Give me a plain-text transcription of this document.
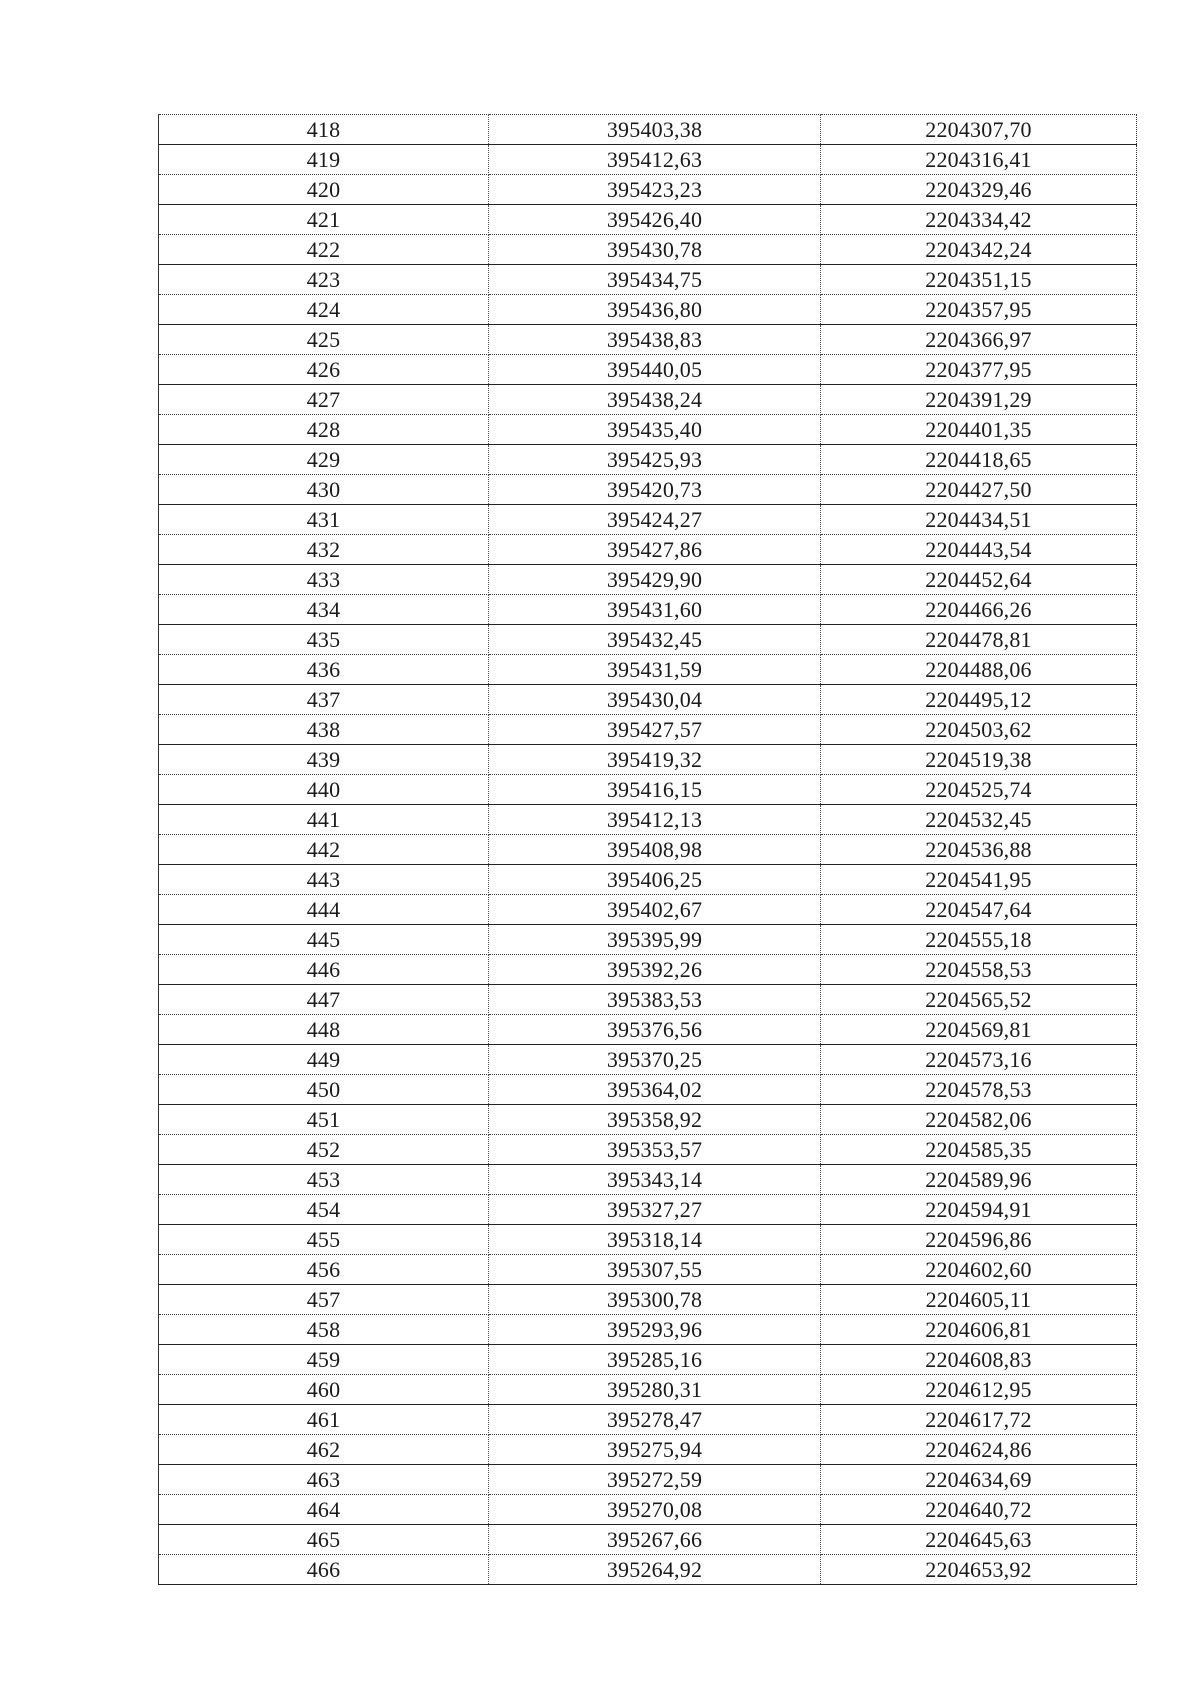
418	395403,38	2204307,70
419	395412,63	2204316,41
420	395423,23	2204329,46
421	395426,40	2204334,42
422	395430,78	2204342,24
423	395434,75	2204351,15
424	395436,80	2204357,95
425	395438,83	2204366,97
426	395440,05	2204377,95
427	395438,24	2204391,29
428	395435,40	2204401,35
429	395425,93	2204418,65
430	395420,73	2204427,50
431	395424,27	2204434,51
432	395427,86	2204443,54
433	395429,90	2204452,64
434	395431,60	2204466,26
435	395432,45	2204478,81
436	395431,59	2204488,06
437	395430,04	2204495,12
438	395427,57	2204503,62
439	395419,32	2204519,38
440	395416,15	2204525,74
441	395412,13	2204532,45
442	395408,98	2204536,88
443	395406,25	2204541,95
444	395402,67	2204547,64
445	395395,99	2204555,18
446	395392,26	2204558,53
447	395383,53	2204565,52
448	395376,56	2204569,81
449	395370,25	2204573,16
450	395364,02	2204578,53
451	395358,92	2204582,06
452	395353,57	2204585,35
453	395343,14	2204589,96
454	395327,27	2204594,91
455	395318,14	2204596,86
456	395307,55	2204602,60
457	395300,78	2204605,11
458	395293,96	2204606,81
459	395285,16	2204608,83
460	395280,31	2204612,95
461	395278,47	2204617,72
462	395275,94	2204624,86
463	395272,59	2204634,69
464	395270,08	2204640,72
465	395267,66	2204645,63
466	395264,92	2204653,92
